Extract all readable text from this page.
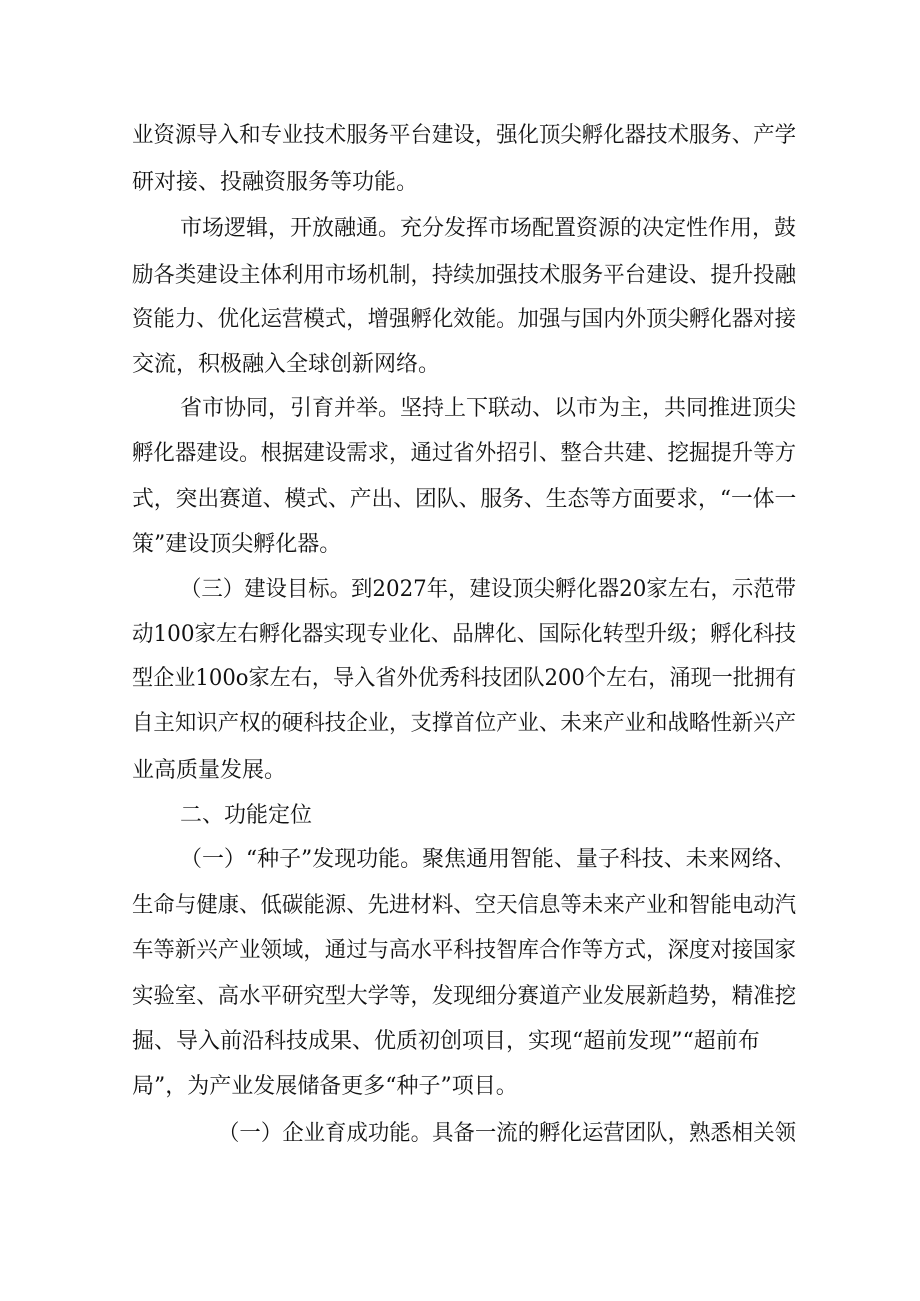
业资源导入和专业技术服务平台建设，强化顶尖孵化器技术服务、产学
研对接、投融资服务等功能。
市场逻辑，开放融通。充分发挥市场配置资源的决定性作用，鼓
励各类建设主体利用市场机制，持续加强技术服务平台建设、提升投融
资能力、优化运营模式，增强孵化效能。加强与国内外顶尖孵化器对接
交流，积极融入全球创新网络。
省市协同，引育并举。坚持上下联动、以市为主，共同推进顶尖
孵化器建设。根据建设需求，通过省外招引、整合共建、挖掘提升等方
式，突出赛道、模式、产出、团队、服务、生态等方面要求，“一体一
策”建设顶尖孵化器。
（三）建设目标。到2027年，建设顶尖孵化器20家左右，示范带
动100家左右孵化器实现专业化、品牌化、国际化转型升级；孵化科技
型企业100o家左右，导入省外优秀科技团队200个左右，涌现一批拥有
自主知识产权的硬科技企业，支撑首位产业、未来产业和战略性新兴产
业高质量发展。
二、功能定位
（一）“种子”发现功能。聚焦通用智能、量子科技、未来网络、
生命与健康、低碳能源、先进材料、空天信息等未来产业和智能电动汽
车等新兴产业领域，通过与高水平科技智库合作等方式，深度对接国家
实验室、高水平研究型大学等，发现细分赛道产业发展新趋势，精准挖
掘、导入前沿科技成果、优质初创项目，实现“超前发现”“超前布
局”，为产业发展储备更多“种子”项目。
（一）企业育成功能。具备一流的孵化运营团队，熟悉相关领
